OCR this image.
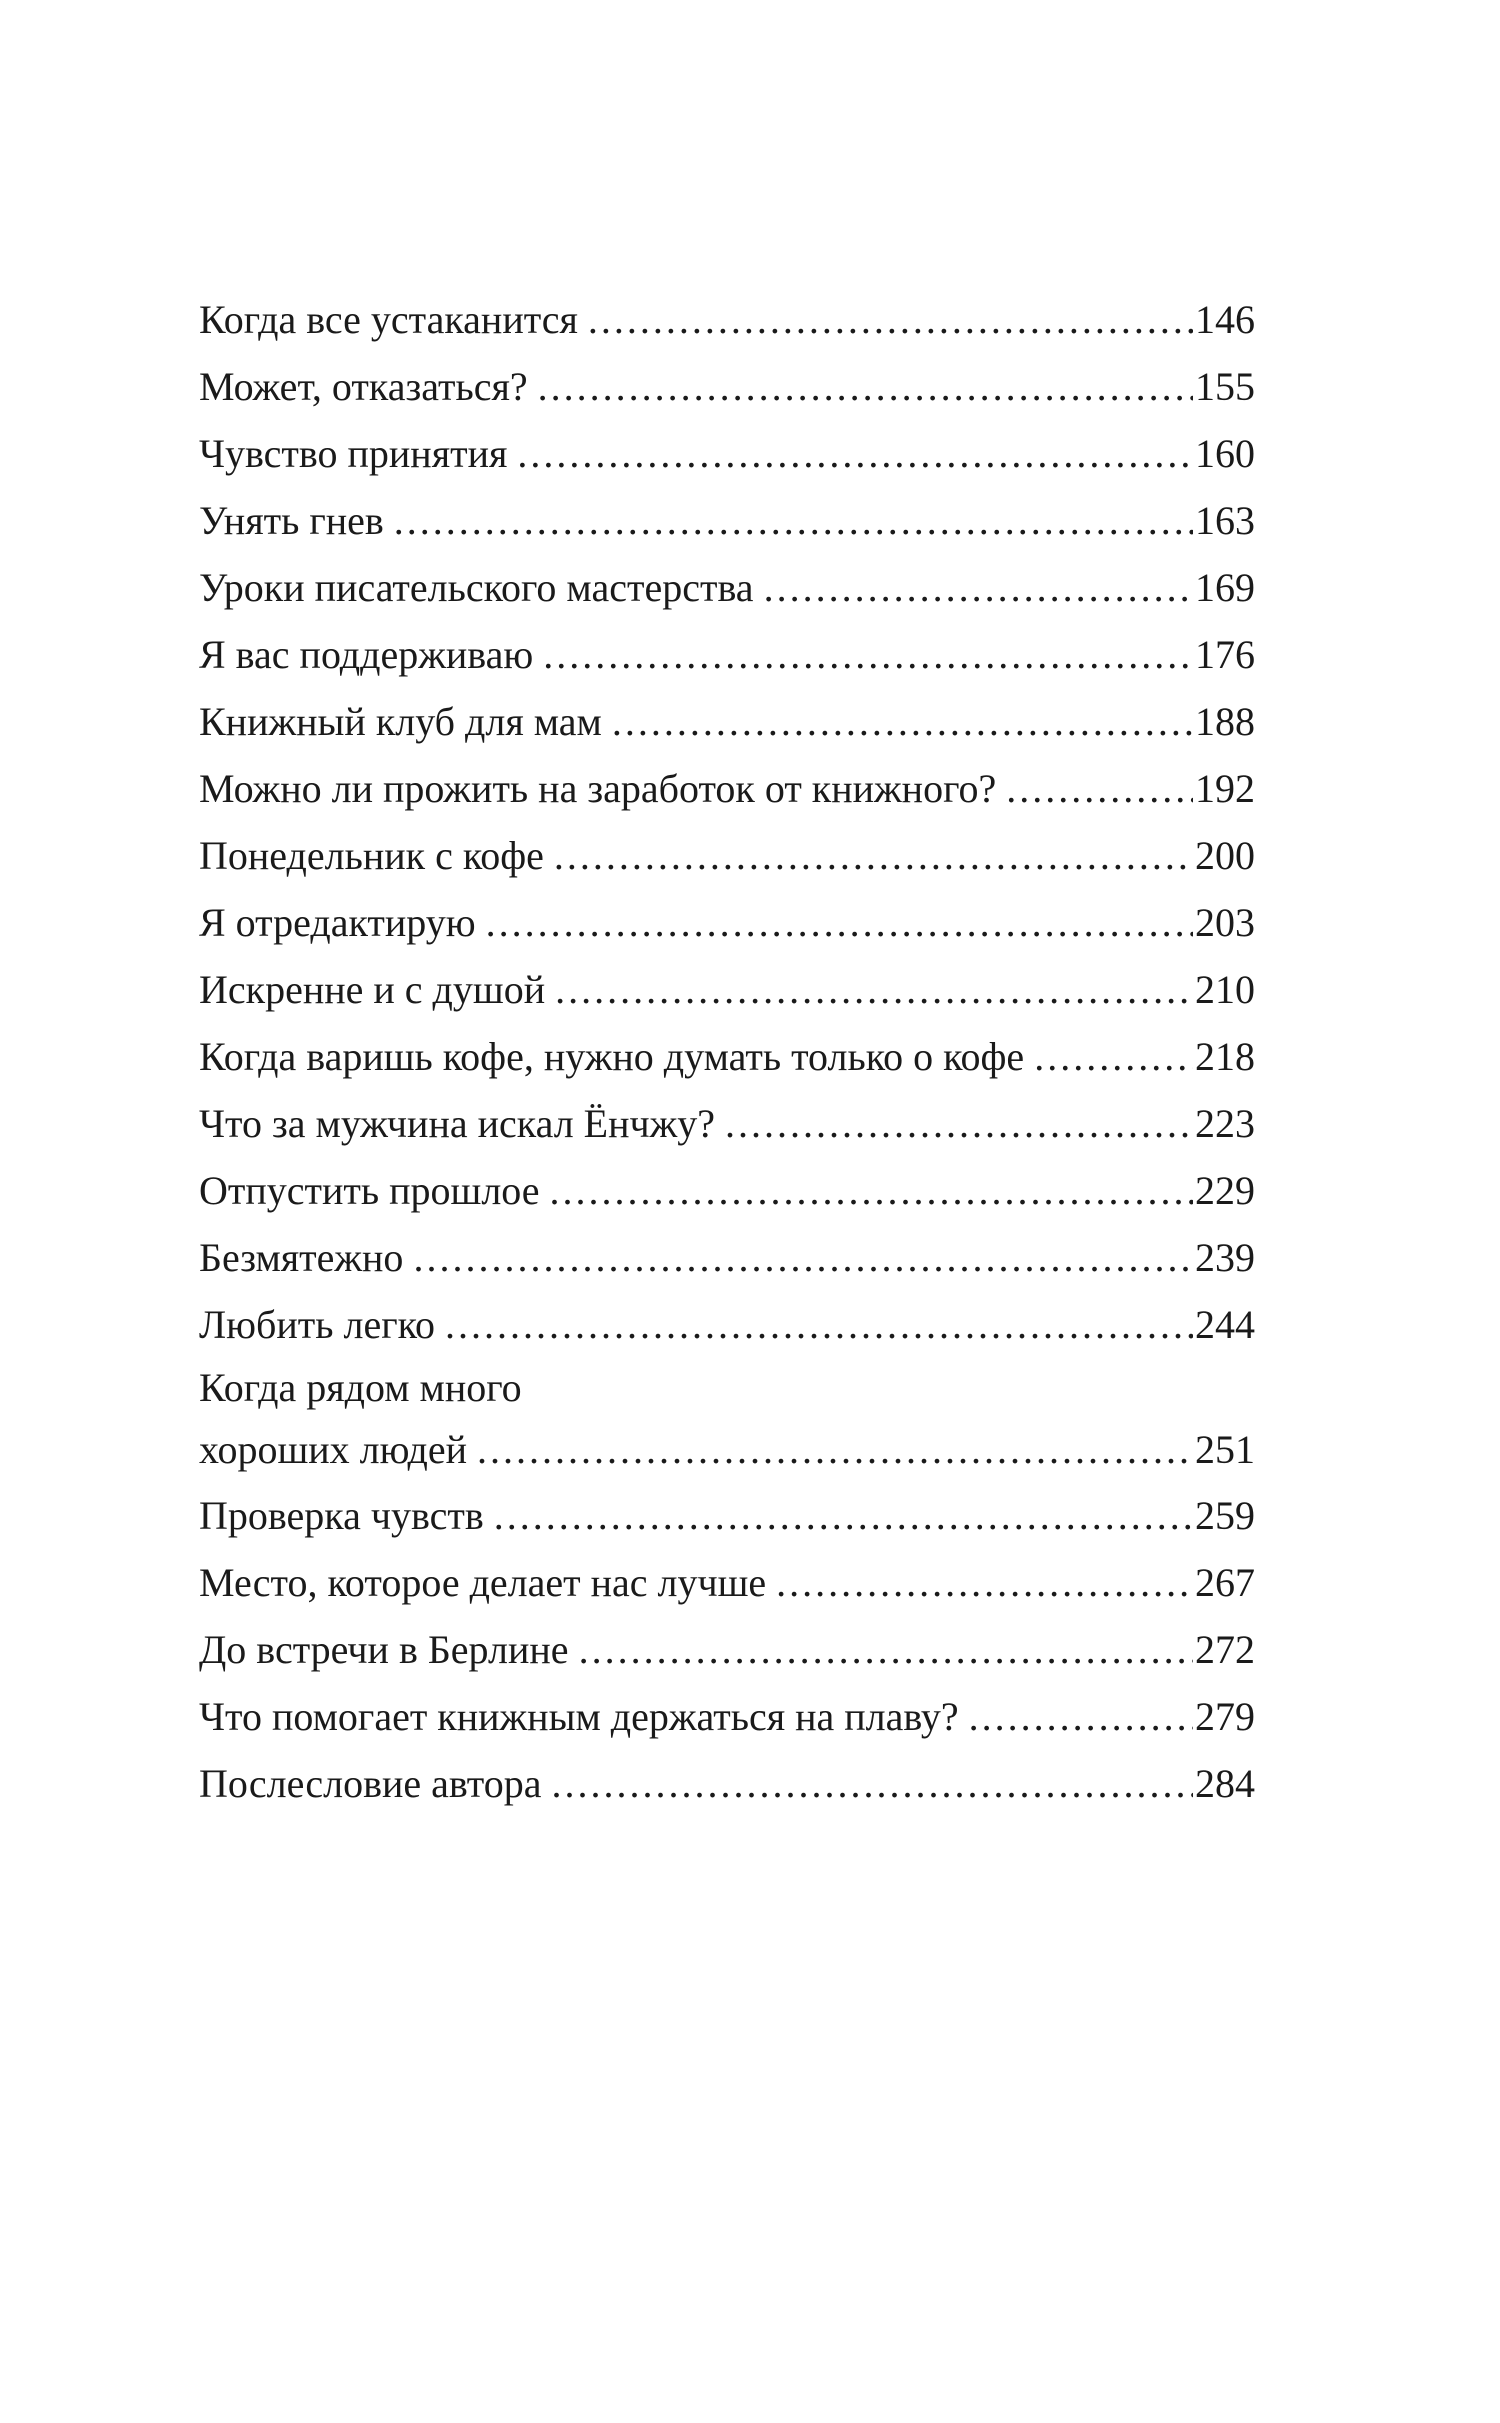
Когда все устаканится .....	146
Может, отказаться? .....	155
Чувство принятия .....	160
Унять гнев .....	163
Уроки писательского мастерства .....	169
Я вас поддерживаю .....	176
Книжный клуб для мам .....	188
Можно ли прожить на заработок от книжного? .....	192
Понедельник с кофе .....	200
Я отредактирую .....	203
Искренне и с душой .....	210
Когда варишь кофе, нужно думать только о кофе .....	218
Что за мужчина искал Ёнчжу? .....	223
Отпустить прошлое .....	229
Безмятежно .....	239
Любить легко .....	244
Когда рядом много
хороших людей .....	251
Проверка чувств .....	259
Место, которое делает нас лучше .....	267
До встречи в Берлине .....	272
Что помогает книжным держаться на плаву? .....	279
Послесловие автора .....	284
